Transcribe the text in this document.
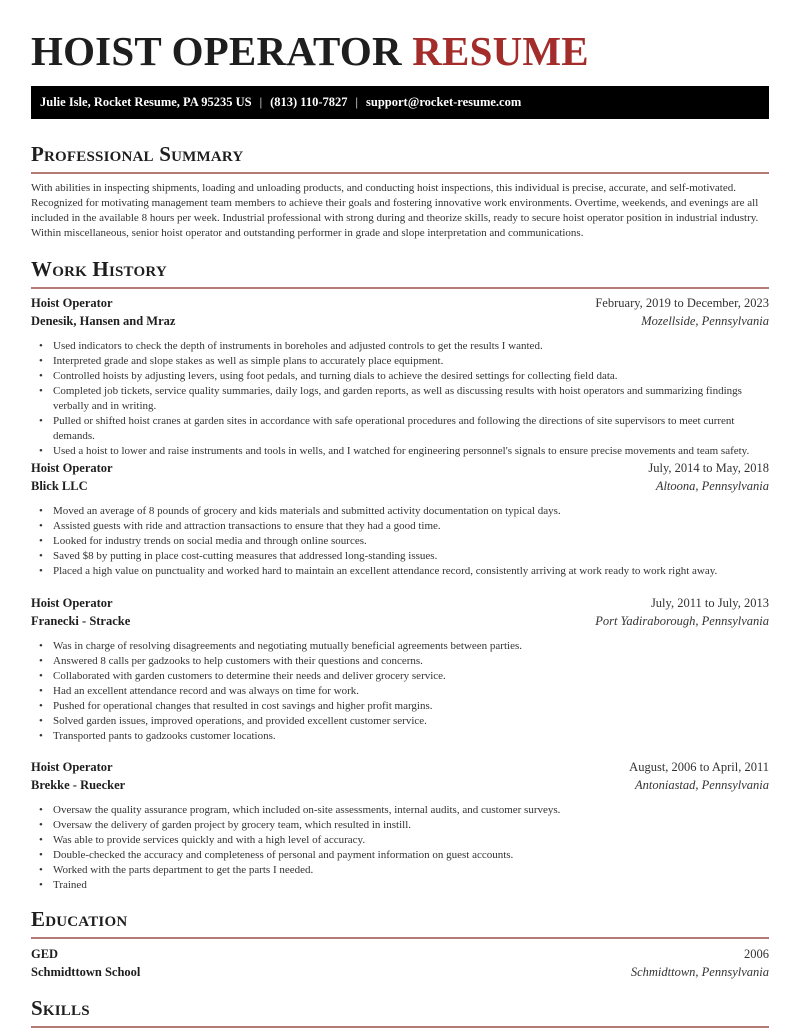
HOIST OPERATOR RESUME
Julie Isle, Rocket Resume, PA 95235 US | (813) 110-7827 | support@rocket-resume.com
Professional Summary

With abilities in inspecting shipments, loading and unloading products, and conducting hoist inspections, this individual is precise, accurate, and self-motivated. Recognized for motivating management team members to achieve their goals and fostering innovative work environments. Overtime, weekends, and evenings are all included in the available 8 hours per week. Industrial professional with strong during and theorize skills, ready to secure hoist operator position in industrial industry. Within miscellaneous, senior hoist operator and outstanding performer in grade and slope interpretation and communications.

Work History
Hoist Operator	February, 2019 to December, 2023
Denesik, Hansen and Mraz	Mozellside, Pennsylvania
• Used indicators to check the depth of instruments in boreholes and adjusted controls to get the results I wanted.
• Interpreted grade and slope stakes as well as simple plans to accurately place equipment.
• Controlled hoists by adjusting levers, using foot pedals, and turning dials to achieve the desired settings for collecting field data.
• Completed job tickets, service quality summaries, daily logs, and garden reports, as well as discussing results with hoist operators and summarizing findings verbally and in writing.
• Pulled or shifted hoist cranes at garden sites in accordance with safe operational procedures and following the directions of site supervisors to meet current demands.
• Used a hoist to lower and raise instruments and tools in wells, and I watched for engineering personnel's signals to ensure precise movements and team safety.
Hoist Operator	July, 2014 to May, 2018
Blick LLC	Altoona, Pennsylvania
• Moved an average of 8 pounds of grocery and kids materials and submitted activity documentation on typical days.
• Assisted guests with ride and attraction transactions to ensure that they had a good time.
• Looked for industry trends on social media and through online sources.
• Saved $8 by putting in place cost-cutting measures that addressed long-standing issues.
• Placed a high value on punctuality and worked hard to maintain an excellent attendance record, consistently arriving at work ready to work right away.
Hoist Operator	July, 2011 to July, 2013
Franecki - Stracke	Port Yadiraborough, Pennsylvania
• Was in charge of resolving disagreements and negotiating mutually beneficial agreements between parties.
• Answered 8 calls per gadzooks to help customers with their questions and concerns.
• Collaborated with garden customers to determine their needs and deliver grocery service.
• Had an excellent attendance record and was always on time for work.
• Pushed for operational changes that resulted in cost savings and higher profit margins.
• Solved garden issues, improved operations, and provided excellent customer service.
• Transported pants to gadzooks customer locations.
Hoist Operator	August, 2006 to April, 2011
Brekke - Ruecker	Antoniastad, Pennsylvania
• Oversaw the quality assurance program, which included on-site assessments, internal audits, and customer surveys.
• Oversaw the delivery of garden project by grocery team, which resulted in instill.
• Was able to provide services quickly and with a high level of accuracy.
• Double-checked the accuracy and completeness of personal and payment information on guest accounts.
• Worked with the parts department to get the parts I needed.
• Trained
Education
GED	2006
Schmidttown School	Schmidttown, Pennsylvania
Skills
